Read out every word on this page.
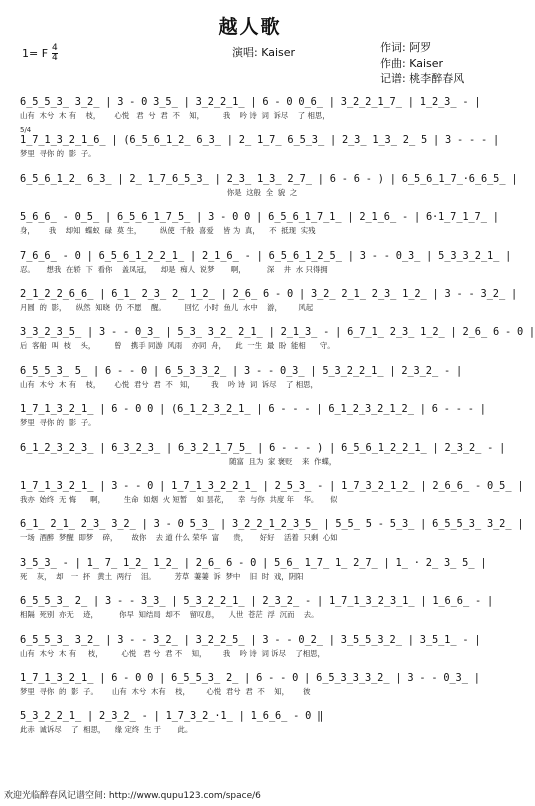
越人歌
1= F $\frac{4}{4}$	演唱: Kaiser	作词: 阿罗
作曲: Kaiser
记谱: 桃李醉春风
6̲5̲5̲3̲ 3̲2̲ | 3 - 0 3̲5̲ | 3̲2̲2̲1̲ | 6 - 0 0̲6̲ | 3̲2̲2̲1̲7̲ | 1̲2̲3̲ - |
山有  木兮  木 有    枝，      心悦   君  兮  君  不    知，        我    吟 诗  词  诉尽    了 相思，
5/4
1̲7̲1̲3̲2̲1̲6̲ | (6̲5̲6̲1̲2̲ 6̲3̲ | 2̲ 1̲7̲ 6̲5̲3̲ | 2̲3̲ 1̲3̲ 2̲ 5 | 3 - - - |
梦里  寻你 的  影  子。
6̲5̲6̲1̲2̲ 6̲3̲ | 2̲ 1̲7̲6̲5̲3̲ | 2̲3̲ 1̲3̲ 2̲7̲ | 6 - 6 - ) | 6̲5̲6̲1̲7̲·6̲6̲5̲ |
你是  这般  全  貌  之
5̲6̲6̲ - 0̲5̲ | 6̲5̲6̲1̲7̲5̲ | 3 - 0 0 | 6̲5̲6̲1̲7̲1̲ | 2̲1̲6̲ - | 6·1̲7̲1̲7̲ |
身，      我    却知  蝶蚁  碌  莫 生，        纵使  千般  喜爱    皆 为  真，    不  抵现  实残
7̲6̲6̲ - 0 | 6̲5̲6̲1̲2̲2̲1̲ | 2̲1̲6̲ - | 6̲5̲6̲1̲2̲5̲ | 3 - - 0̲3̲ | 5̲3̲3̲2̲1̲ |
忍。     想我  在轿  下  看你    盖凤冠，    却是  痴人  说梦       啊，         深    井  水 只得拥
2̲1̲2̲2̲6̲6̲ | 6̲1̲ 2̲3̲ 2̲ 1̲2̲ | 2̲6̲ 6 - 0 | 3̲2̲ 2̲1̲ 2̲3̲ 1̲2̲ | 3 - - 3̲2̲ |
月圆  的  影，    纵然  知晓  仍  不愿    醒。        回忆  小时  鱼儿  水中    游，       风起
3̲3̲2̲3̲5̲ | 3 - - 0̲3̲ | 5̲3̲ 3̲2̲ 2̲1̲ | 2̲1̲3̲ - | 6̲7̲1̲ 2̲3̲ 1̲2̲ | 2̲6̲ 6 - 0 |
后  客船  叫  枝    头，        曾    携手 同游  风雨    亦同  舟，    此  一生  最  盼  能相      守。
6̲5̲5̲3̲ 5̲ | 6 - - 0 | 6̲5̲3̲3̲2̲ | 3 - - 0̲3̲ | 5̲3̲2̲2̲1̲ | 2̲3̲2̲ - |
山有  木兮  木 有    枝，      心悦  君兮  君  不   知，       我    吟 诗  词  诉尽    了 相思，
1̲7̲1̲3̲2̲1̲ | 6 - 0 0 | (6̲1̲2̲3̲2̲1̲ | 6 - - - | 6̲1̲2̲3̲2̲1̲2̲ | 6 - - - |
梦里  寻你 的  影  子。
6̲1̲2̲3̲2̲3̲ | 6̲3̲2̲3̲ | 6̲3̲2̲1̲7̲5̲ | 6 - - - ) | 6̲5̲6̲1̲2̲2̲1̲ | 2̲3̲2̲ - |
随富  且为  家 褒贬    来  作蝶，
1̲7̲1̲3̲2̲1̲ | 3 - - 0 | 1̲7̲1̲3̲2̲2̲1̲ | 2̲5̲3̲ - | 1̲7̲3̲2̲1̲2̲ | 2̲6̲6̲ - 0̲5̲ |
我亦  始终  无 悔      啊，        生命  如烟  火 短暂    如 昙花，    幸  与你  共度 年    华。     似
6̲1̲ 2̲1̲ 2̲3̲ 3̲2̲ | 3 - 0 5̲3̲ | 3̲2̲2̲1̲2̲3̲5̲ | 5̲5̲ 5 - 5̲3̲ | 6̲5̲5̲3̲ 3̲2̲ |
一场  酒醉  梦醒  即梦    碎，      故你    去 道 什么 荣华  富      贵，     好好    活着  只剩  心如
3̲5̲3̲ - | 1̲ 7̲ 1̲2̲ 1̲2̲ | 2̲6̲ 6 - 0 | 5̲6̲ 1̲7̲ 1̲ 2̲7̲ | 1̲ · 2̲ 3̲ 5̲ |
死    灰，  却   一  抔   黄土  两行    泪。        芳草  萋萋  诉  梦中    旧  时  戏，阴阳
6̲5̲5̲3̲ 2̲ | 3 - - 3̲3̲ | 5̲3̲2̲2̲1̲ | 2̲3̲2̲ - | 1̲7̲1̲3̲2̲3̲1̲ | 1̲6̲6̲ - |
相隔  死别  亦无    迹，         你早  知结局  却不    留叹息，    人世  苍茫  浮  沉而    去。
6̲5̲5̲3̲ 3̲2̲ | 3 - - 3̲2̲ | 3̲2̲2̲5̲ | 3 - - 0̲2̲ | 3̲5̲5̲3̲2̲ | 3̲5̲1̲ - |
山有  木兮  木 有     枝，        心悦   君 兮  君 不    知，       我    吟 诗  词 诉尽    了相思，
1̲7̲1̲3̲2̲1̲ | 6 - 0 0 | 6̲5̲5̲3̲ 2̲ | 6 - - 0 | 6̲5̲3̲3̲3̲2̲ | 3 - - 0̲3̲ |
梦里  寻你  的  影  子。      山有  木兮  木有    枝，       心悦  君兮  君  不    知，      彼
5̲3̲2̲2̲1̲ | 2̲3̲2̲ - | 1̲7̲3̲2̲·1̲ | 1̲6̲6̲ - 0 ‖
此赤  诚诉尽    了  相思，    缘 定终  生 于       此。
欢迎光临醉春风记谱空间: http://www.qupu123.com/space/6
